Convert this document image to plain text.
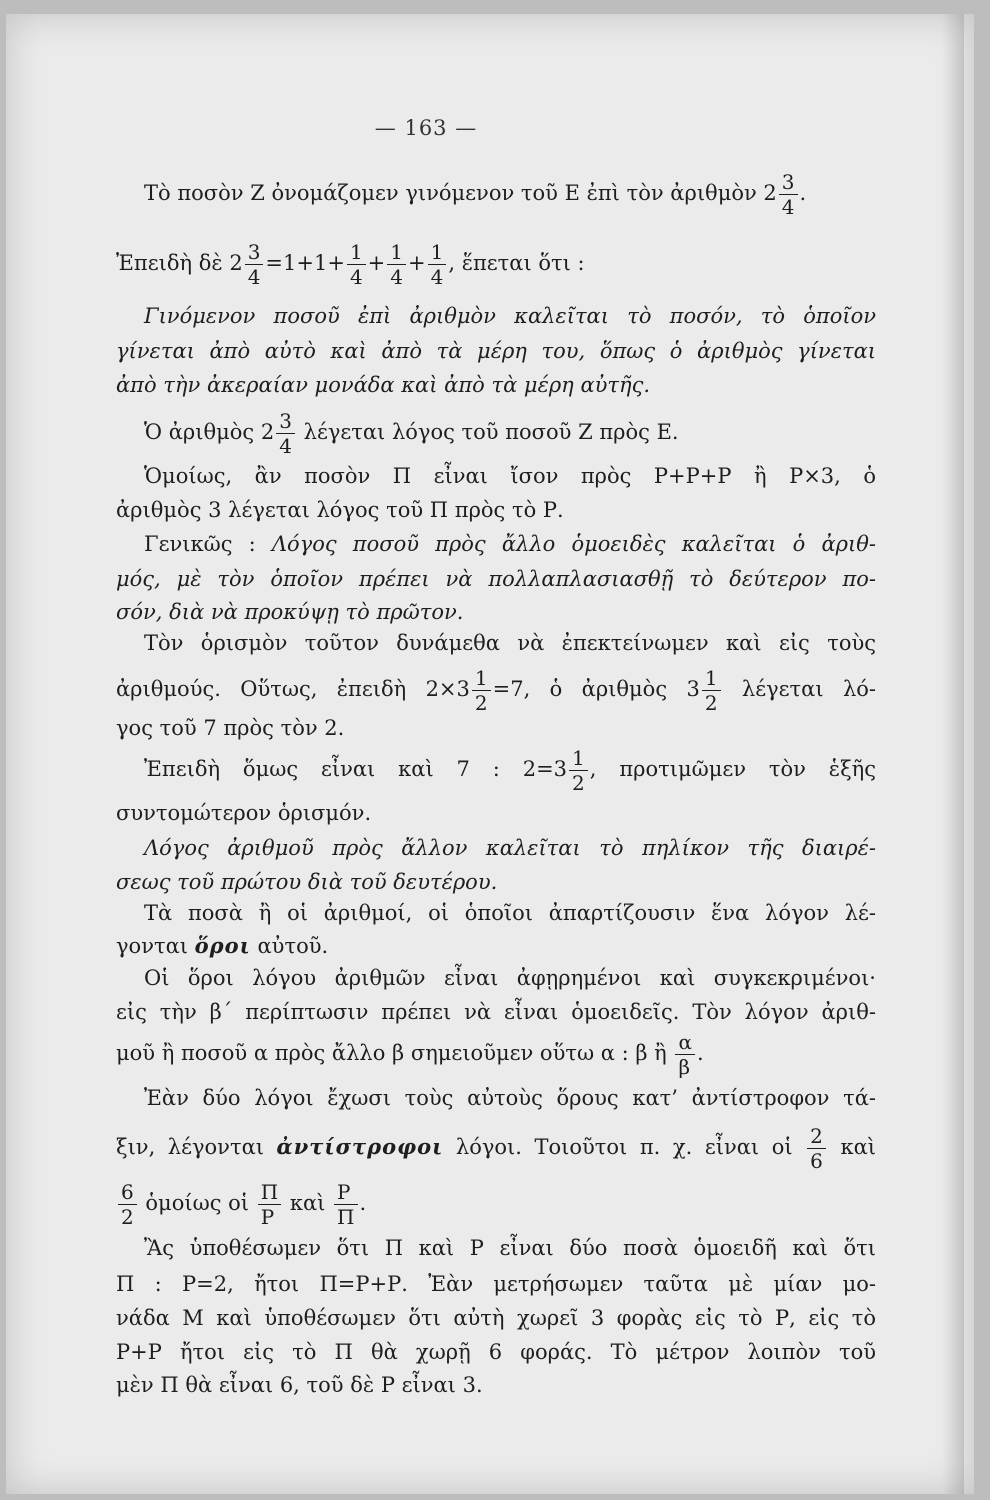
— 163 —
Τὸ ποσὸν Ζ ὀνομάζομεν γινόμενον τοῦ Ε ἐπὶ τὸν ἀριθμὸν $2 \frac{3}{4}$ .
Ἐπειδὴ δὲ $2 \frac{3}{4} =1+1+ \frac{1}{4} + \frac{1}{4} + \frac{1}{4}$ , ἕπεται ὅτι :
Γινόμενον ποσοῦ ἐπὶ ἀριθμὸν καλεῖται τὸ ποσόν, τὸ ὁποῖον
γίνεται ἀπὸ αὐτὸ καὶ ἀπὸ τὰ μέρη του, ὅπως ὁ ἀριθμὸς γίνεται
ἀπὸ τὴν ἀκεραίαν μονάδα καὶ ἀπὸ τὰ μέρη αὐτῆς.
Ὁ ἀριθμὸς $2 \frac{3}{4}$ λέγεται λόγος τοῦ ποσοῦ Ζ πρὸς Ε.
Ὁμοίως, ἂν ποσὸν Π εἶναι ἴσον πρὸς Ρ+Ρ+Ρ ἢ Ρ×3, ὁ
ἀριθμὸς 3 λέγεται λόγος τοῦ Π πρὸς τὸ Ρ.
Γενικῶς : Λόγος ποσοῦ πρὸς ἄλλο ὁμοειδὲς καλεῖται ὁ ἀριθ-
μός, μὲ τὸν ὁποῖον πρέπει νὰ πολλαπλασιασθῇ τὸ δεύτερον πο-
σόν, διὰ νὰ προκύψῃ τὸ πρῶτον.
Τὸν ὁρισμὸν τοῦτον δυνάμεθα νὰ ἐπεκτείνωμεν καὶ εἰς τοὺς
ἀριθμούς. Οὕτως, ἐπειδὴ $2\times 3 \frac{1}{2} =7$, ὁ ἀριθμὸς $3 \frac{1}{2}$ λέγεται λό-
γος τοῦ 7 πρὸς τὸν 2.
Ἐπειδὴ ὅμως εἶναι καὶ 7 : $2=3 \frac{1}{2}$ , προτιμῶμεν τὸν ἑξῆς
συντομώτερον ὁρισμόν.
Λόγος ἀριθμοῦ πρὸς ἄλλον καλεῖται τὸ πηλίκον τῆς διαιρέ-
σεως τοῦ πρώτου διὰ τοῦ δευτέρου.
Τὰ ποσὰ ἢ οἱ ἀριθμοί, οἱ ὁποῖοι ἀπαρτίζουσιν ἕνα λόγον λέ-
γονται ὅροι αὐτοῦ.
Οἱ ὅροι λόγου ἀριθμῶν εἶναι ἀφῃρημένοι καὶ συγκεκριμένοι·
εἰς τὴν β΄ περίπτωσιν πρέπει νὰ εἶναι ὁμοειδεῖς. Τὸν λόγον ἀριθ-
μοῦ ἢ ποσοῦ α πρὸς ἄλλο β σημειοῦμεν οὕτω α : β ἢ $\frac{\alpha}{\beta}$ .
Ἐὰν δύο λόγοι ἔχωσι τοὺς αὐτοὺς ὅρους κατ’ ἀντίστροφον τά-
ξιν, λέγονται ἀντίστροφοι λόγοι. Τοιοῦτοι π. χ. εἶναι οἱ $\frac{2}{6}$ καὶ
$\frac{6}{2}$ ὁμοίως οἱ $\frac{\Pi}{P}$ καὶ $\frac{P}{\Pi}$ .
Ἂς ὑποθέσωμεν ὅτι Π καὶ Ρ εἶναι δύο ποσὰ ὁμοειδῆ καὶ ὅτι
Π : Ρ=2, ἤτοι Π=Ρ+Ρ. Ἐὰν μετρήσωμεν ταῦτα μὲ μίαν μο-
νάδα Μ καὶ ὑποθέσωμεν ὅτι αὐτὴ χωρεῖ 3 φορὰς εἰς τὸ Ρ, εἰς τὸ
Ρ+Ρ ἤτοι εἰς τὸ Π θὰ χωρῇ 6 φοράς. Τὸ μέτρον λοιπὸν τοῦ
μὲν Π θὰ εἶναι 6, τοῦ δὲ Ρ εἶναι 3.
